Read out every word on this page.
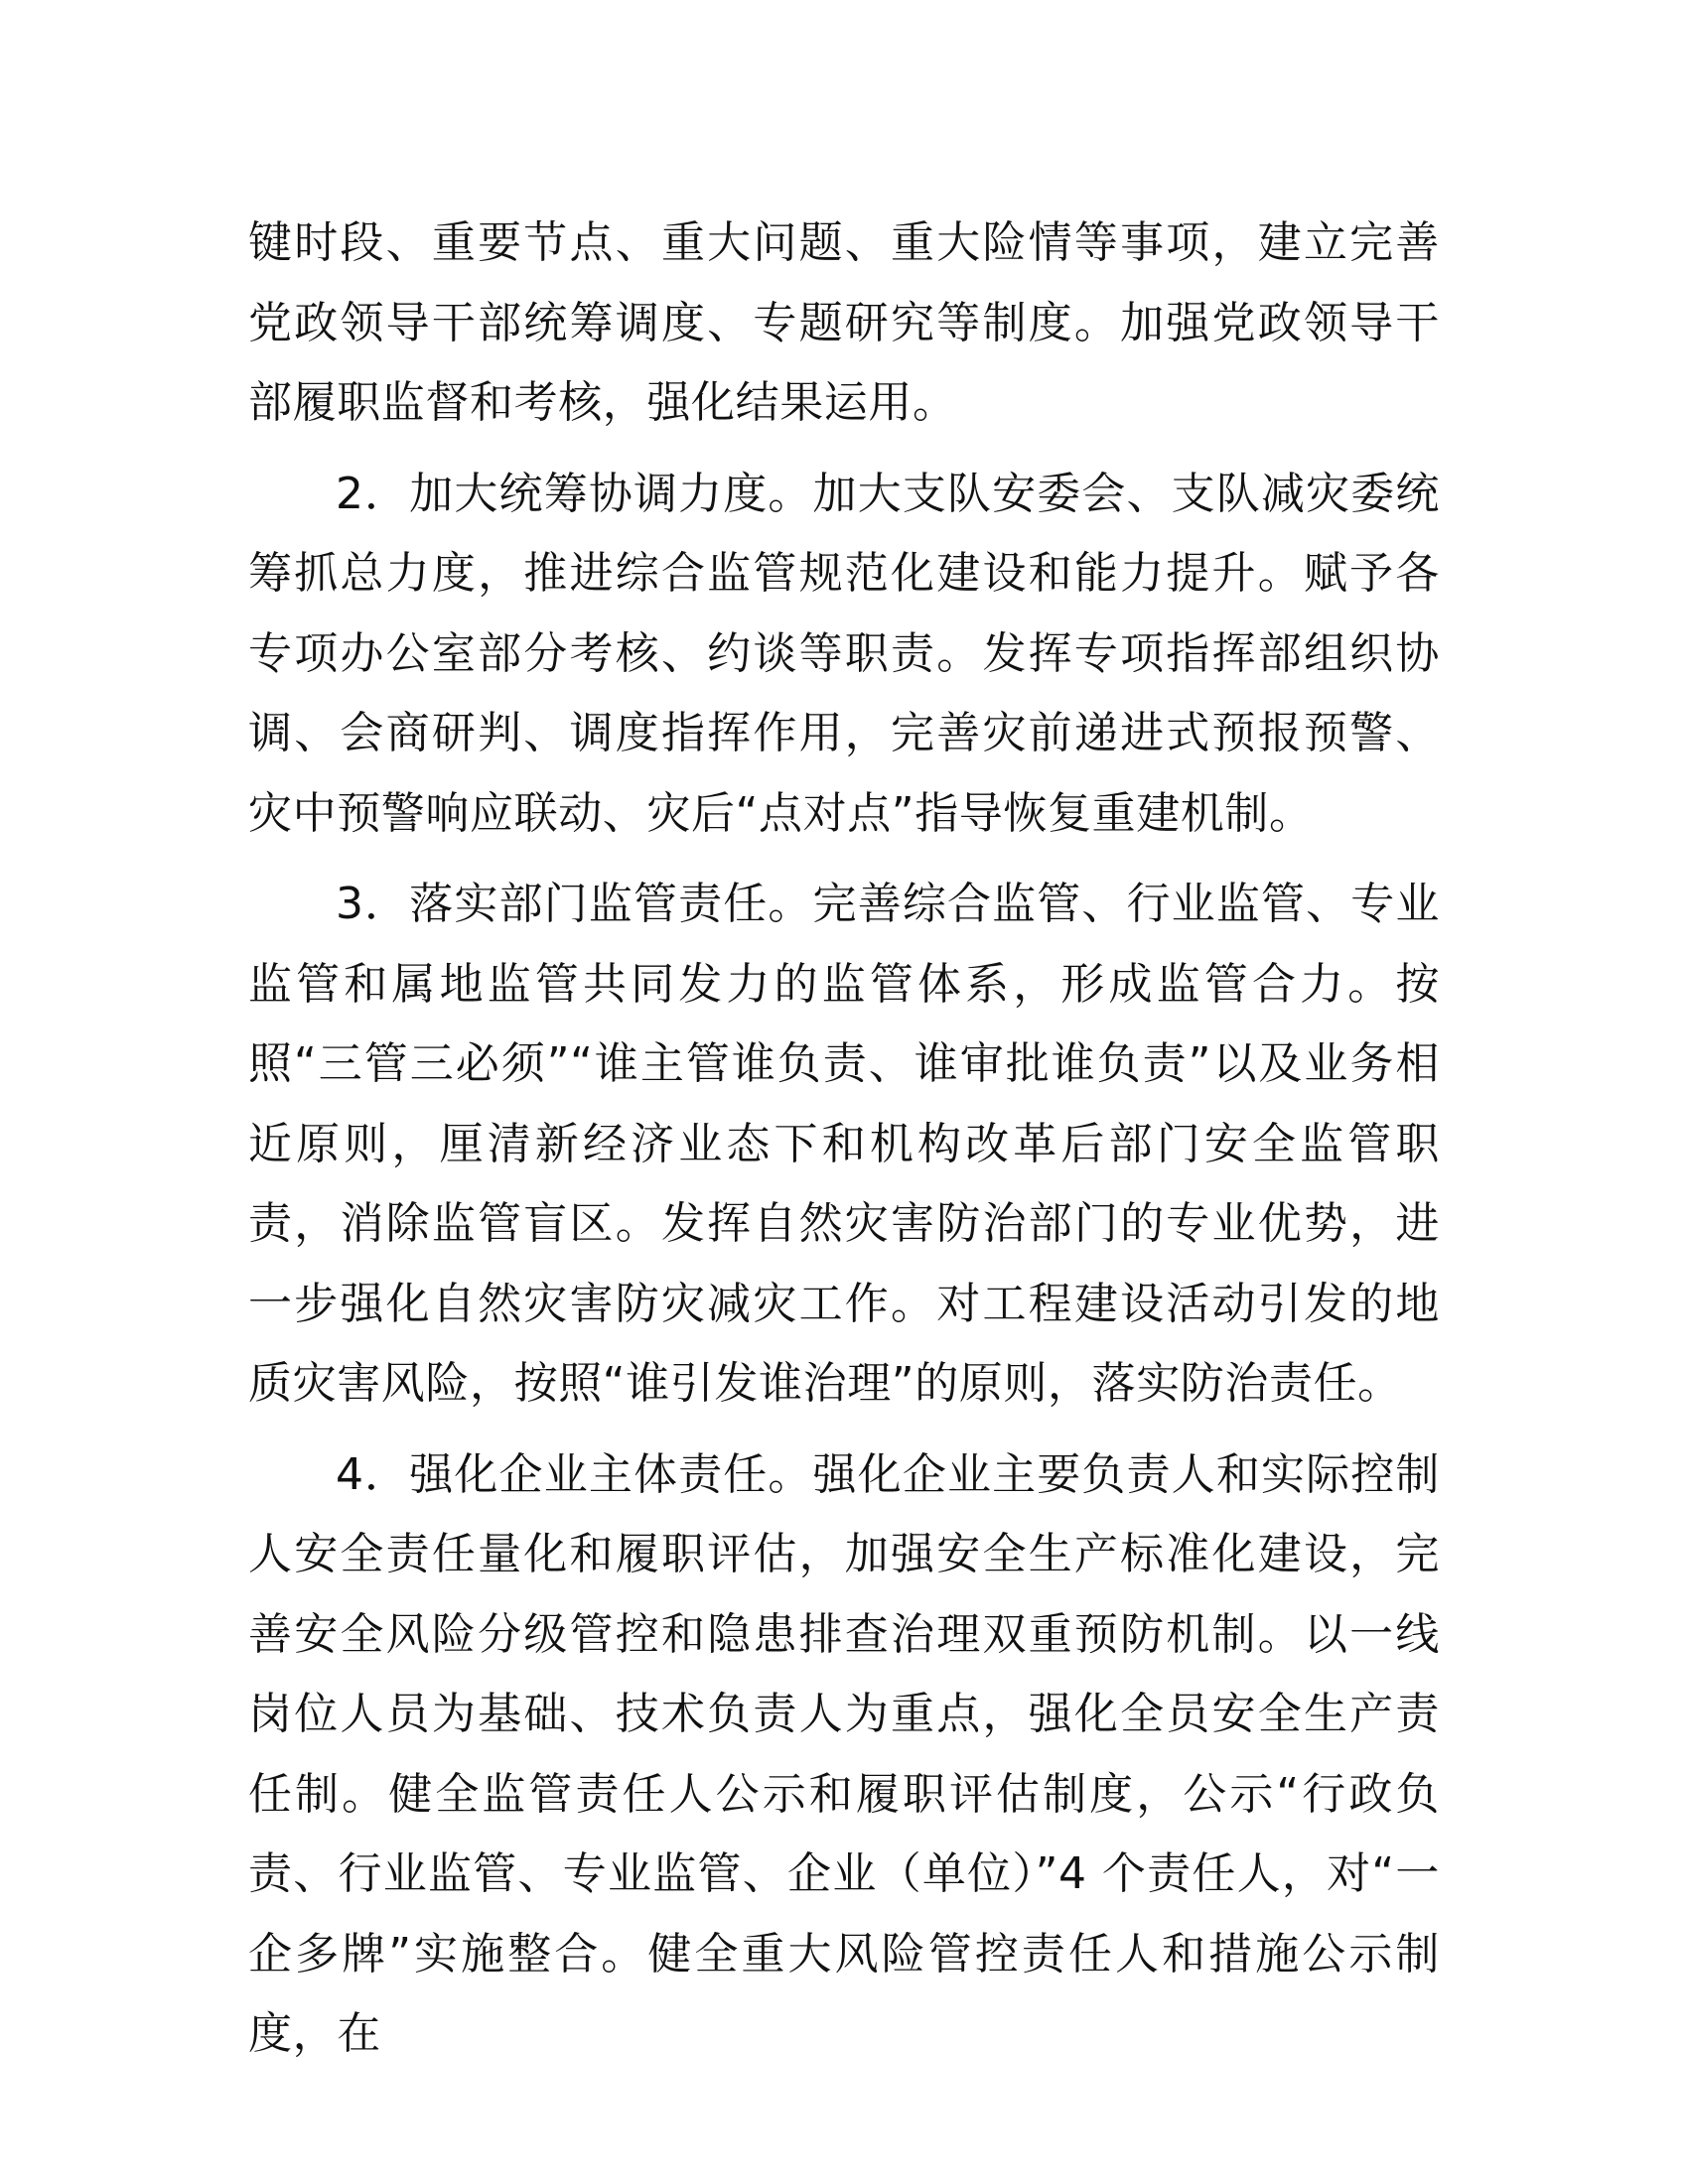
键时段、重要节点、重大问题、重大险情等事项，建立完善党政领导干部统筹调度、专题研究等制度。加强党政领导干部履职监督和考核，强化结果运用。

2．加大统筹协调力度。加大支队安委会、支队减灾委统筹抓总力度，推进综合监管规范化建设和能力提升。赋予各专项办公室部分考核、约谈等职责。发挥专项指挥部组织协调、会商研判、调度指挥作用，完善灾前递进式预报预警、灾中预警响应联动、灾后“点对点”指导恢复重建机制。

3．落实部门监管责任。完善综合监管、行业监管、专业监管和属地监管共同发力的监管体系，形成监管合力。按照“三管三必须”“谁主管谁负责、谁审批谁负责”以及业务相近原则，厘清新经济业态下和机构改革后部门安全监管职责，消除监管盲区。发挥自然灾害防治部门的专业优势，进一步强化自然灾害防灾减灾工作。对工程建设活动引发的地质灾害风险，按照“谁引发谁治理”的原则，落实防治责任。

4．强化企业主体责任。强化企业主要负责人和实际控制人安全责任量化和履职评估，加强安全生产标准化建设，完善安全风险分级管控和隐患排查治理双重预防机制。以一线岗位人员为基础、技术负责人为重点，强化全员安全生产责任制。健全监管责任人公示和履职评估制度，公示“行政负责、行业监管、专业监管、企业（单位）”4 个责任人，对“一企多牌”实施整合。健全重大风险管控责任人和措施公示制度，在
